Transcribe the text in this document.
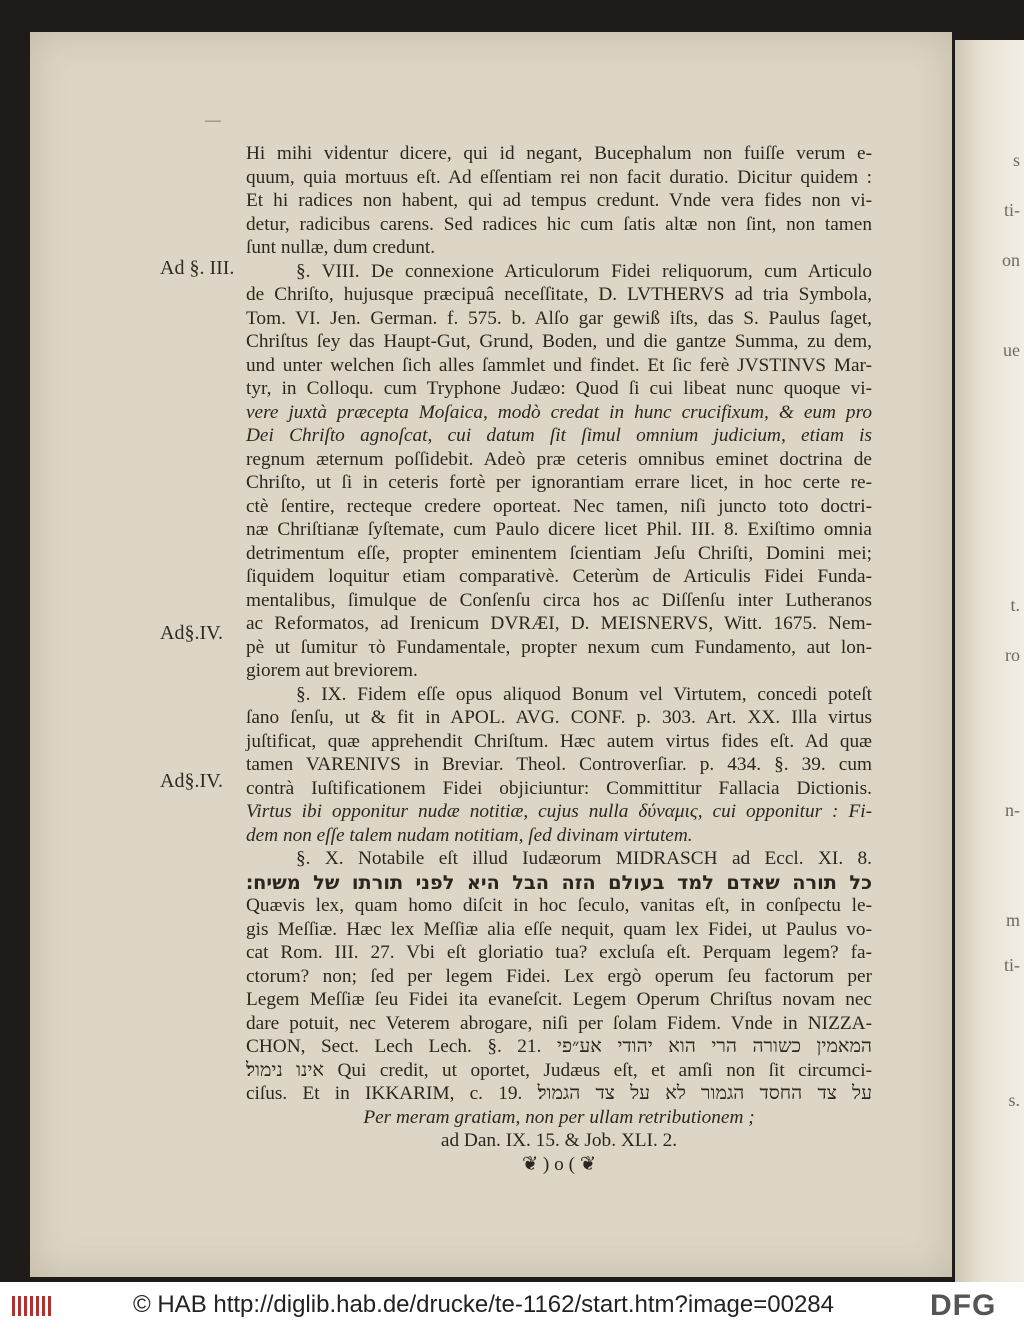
s
ti-
on
ue
t.
ro
n-
m
ti-
s.
—
Ad §. III.
Ad§.IV.
Ad§.IV.
Hi mihi videntur dicere, qui id negant, Bucephalum non fuiſſe verum e-
quum, quia mortuus eſt. Ad eſſentiam rei non facit duratio. Dicitur quidem :
Et hi radices non habent, qui ad tempus credunt. Vnde vera fides non vi-
detur, radicibus carens. Sed radices hic cum ſatis altæ non ſint, non tamen
ſunt nullæ, dum credunt.
§. VIII. De connexione Articulorum Fidei reliquorum, cum Articulo
de Chriſto, hujusque præcipuâ neceſſitate, D. LVTHERVS ad tria Symbola,
Tom. VI. Jen. German. f. 575. b. Alſo gar gewiß iſts, das S. Paulus ſaget,
Chriſtus ſey das Haupt-Gut, Grund, Boden, und die gantze Summa, zu dem,
und unter welchen ſich alles ſammlet und findet. Et ſic ferè JVSTINVS Mar-
tyr, in Colloqu. cum Tryphone Judæo: Quod ſi cui libeat nunc quoque vi-
vere juxtà præcepta Moſaica, modò credat in hunc crucifixum, & eum pro
Dei Chriſto agnoſcat, cui datum ſit ſimul omnium judicium, etiam is
regnum æternum poſſidebit. Adeò præ ceteris omnibus eminet doctrina de
Chriſto, ut ſi in ceteris fortè per ignorantiam errare licet, in hoc certe re-
ctè ſentire, recteque credere oporteat. Nec tamen, niſi juncto toto doctri-
næ Chriſtianæ ſyſtemate, cum Paulo dicere licet Phil. III. 8. Exiſtimo omnia
detrimentum eſſe, propter eminentem ſcientiam Jeſu Chriſti, Domini mei;
ſiquidem loquitur etiam comparativè. Ceterùm de Articulis Fidei Funda-
mentalibus, ſimulque de Conſenſu circa hos ac Diſſenſu inter Lutheranos
ac Reformatos, ad Irenicum DVRÆI, D. MEISNERVS, Witt. 1675. Nem-
pè ut ſumitur τὸ Fundamentale, propter nexum cum Fundamento, aut lon-
giorem aut breviorem.
§. IX. Fidem eſſe opus aliquod Bonum vel Virtutem, concedi poteſt
ſano ſenſu, ut & fit in APOL. AVG. CONF. p. 303. Art. XX. Illa virtus
juſtificat, quæ apprehendit Chriſtum. Hæc autem virtus fides eſt. Ad quæ
tamen VARENIVS in Breviar. Theol. Controverſiar. p. 434. §. 39. cum
contrà Iuſtificationem Fidei objiciuntur: Committitur Fallacia Dictionis.
Virtus ibi opponitur nudæ notitiæ, cujus nulla δύναμις, cui opponitur : Fi-
dem non eſſe talem nudam notitiam, ſed divinam virtutem.
§. X. Notabile eſt illud Iudæorum MIDRASCH ad Eccl. XI. 8.
כל תורה שאדם למד בעולם הזה הבל היא לפני תורתו של משיח׃
Quævis lex, quam homo diſcit in hoc ſeculo, vanitas eſt, in conſpectu le-
gis Meſſiæ. Hæc lex Meſſiæ alia eſſe nequit, quam lex Fidei, ut Paulus vo-
cat Rom. III. 27. Vbi eſt gloriatio tua? excluſa eſt. Perquam legem? fa-
ctorum? non; ſed per legem Fidei. Lex ergò operum ſeu factorum per
Legem Meſſiæ ſeu Fidei ita evaneſcit. Legem Operum Chriſtus novam nec
dare potuit, nec Veterem abrogare, niſi per ſolam Fidem. Vnde in NIZZA-
CHON, Sect. Lech Lech. §. 21. המאמין כשורה הרי הוא יהודי אע״פי
אינו נימול׃ Qui credit, ut oportet, Judæus eſt, et amſi non ſit circumci-
ciſus. Et in IKKARIM, c. 19. על צד החסד הגמור לא על צד הגמול׃
Per meram gratiam, non per ullam retributionem ;
ad Dan. IX. 15. & Job. XLI. 2.
❦ ) o ( ❦
© HAB http://diglib.hab.de/drucke/te-1162/start.htm?image=00284	DFG
